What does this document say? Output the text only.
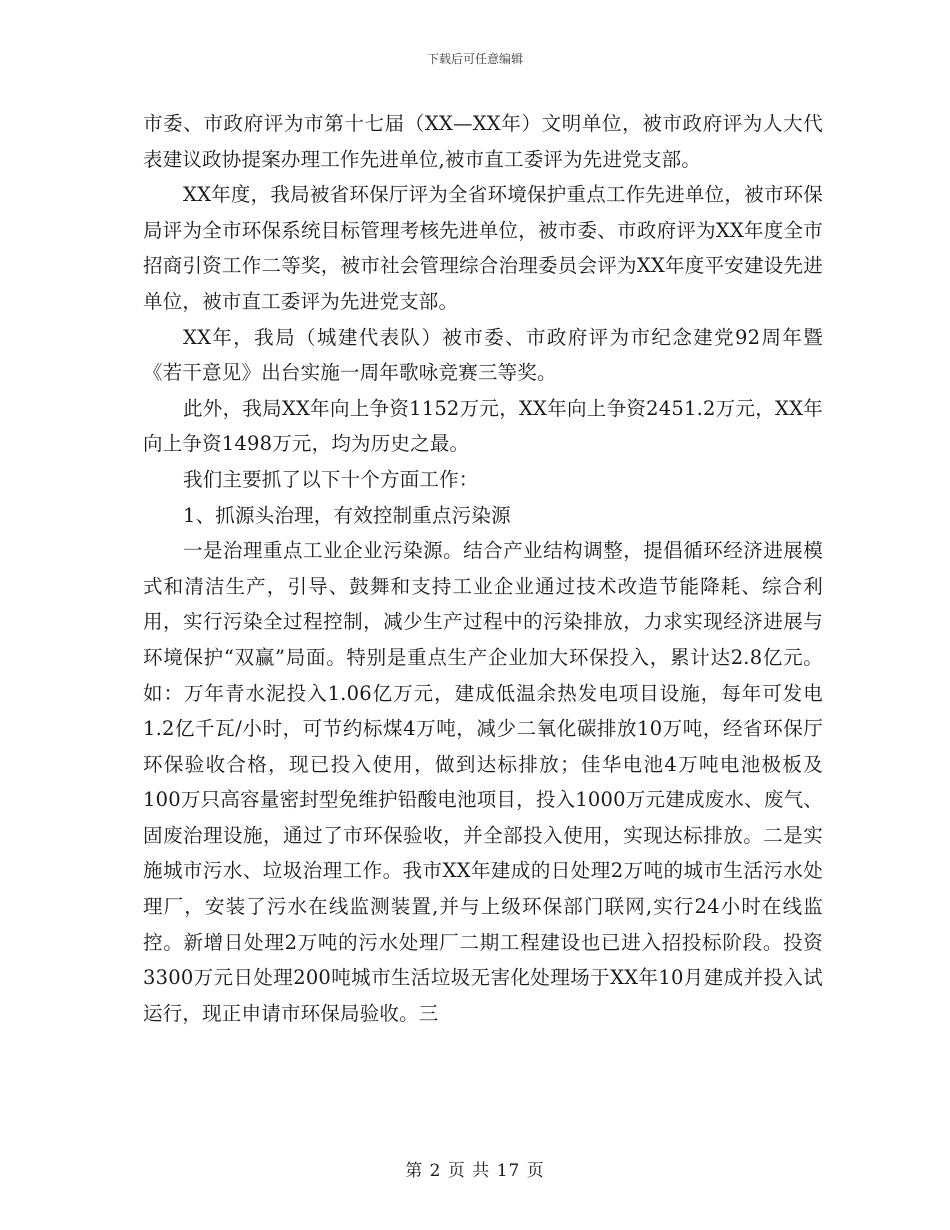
下载后可任意编辑

市委、市政府评为市第十七届（XX—XX年）文明单位，被市政府评为人大代表建议政协提案办理工作先进单位,被市直工委评为先进党支部。

XX年度，我局被省环保厅评为全省环境保护重点工作先进单位，被市环保局评为全市环保系统目标管理考核先进单位，被市委、市政府评为XX年度全市招商引资工作二等奖，被市社会管理综合治理委员会评为XX年度平安建设先进单位，被市直工委评为先进党支部。

XX年，我局（城建代表队）被市委、市政府评为市纪念建党92周年暨《若干意见》出台实施一周年歌咏竞赛三等奖。

此外，我局XX年向上争资1152万元，XX年向上争资2451.2万元，XX年向上争资1498万元，均为历史之最。

我们主要抓了以下十个方面工作：

1、抓源头治理，有效控制重点污染源

一是治理重点工业企业污染源。结合产业结构调整，提倡循环经济进展模式和清洁生产，引导、鼓舞和支持工业企业通过技术改造节能降耗、综合利用，实行污染全过程控制，减少生产过程中的污染排放，力求实现经济进展与环境保护“双赢”局面。特别是重点生产企业加大环保投入，累计达2.8亿元。如：万年青水泥投入1.06亿万元，建成低温余热发电项目设施，每年可发电1.2亿千瓦/小时，可节约标煤4万吨，减少二氧化碳排放10万吨，经省环保厅环保验收合格，现已投入使用，做到达标排放；佳华电池4万吨电池极板及100万只高容量密封型免维护铅酸电池项目，投入1000万元建成废水、废气、固废治理设施，通过了市环保验收，并全部投入使用，实现达标排放。二是实施城市污水、垃圾治理工作。我市XX年建成的日处理2万吨的城市生活污水处理厂，安装了污水在线监测装置,并与上级环保部门联网,实行24小时在线监控。新增日处理2万吨的污水处理厂二期工程建设也已进入招投标阶段。投资3300万元日处理200吨城市生活垃圾无害化处理场于XX年10月建成并投入试运行，现正申请市环保局验收。三

第 2 页 共 17 页
